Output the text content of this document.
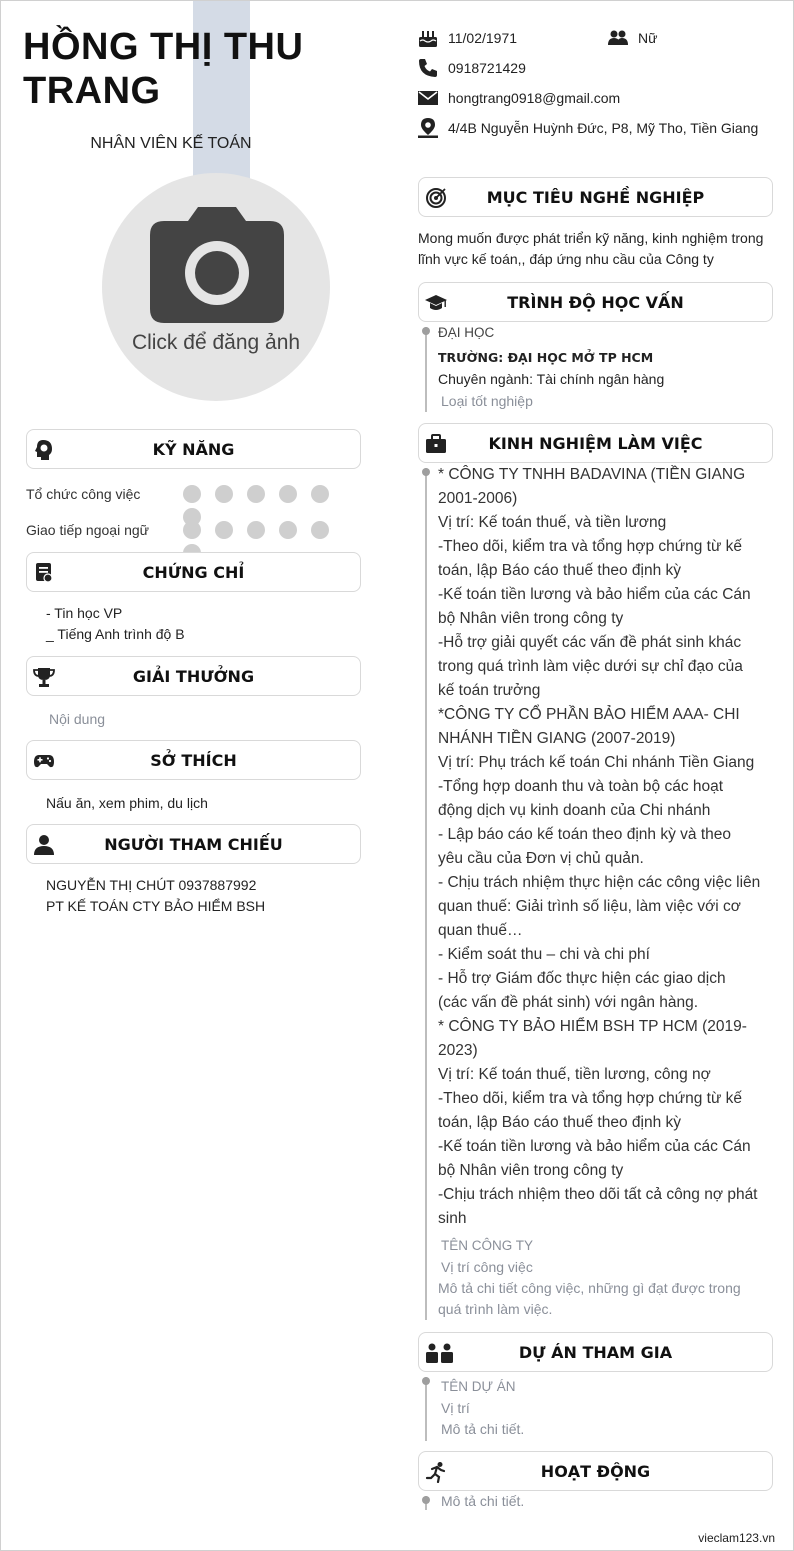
HỒNG THỊ THU
TRANG
NHÂN VIÊN KẾ TOÁN
Click để đăng ảnh
KỸ NĂNG
Tổ chức công việc
Giao tiếp ngoại ngữ
CHỨNG CHỈ
- Tin học VP
_ Tiếng Anh trình độ B
GIẢI THƯỞNG
Nội dung
SỞ THÍCH
Nấu ăn, xem phim, du lịch
NGƯỜI THAM CHIẾU
NGUYỄN THỊ CHÚT 0937887992
PT KẾ TOÁN CTY BẢO HIỂM BSH
11/02/1971	Nữ
0918721429
hongtrang0918@gmail.com
4/4B Nguyễn Huỳnh Đức, P8, Mỹ Tho, Tiền Giang
MỤC TIÊU NGHỀ NGHIỆP
Mong muốn được phát triển kỹ năng, kinh nghiệm trong
lĩnh vực kế toán,, đáp ứng nhu cầu của Công ty
TRÌNH ĐỘ HỌC VẤN
ĐẠI HỌC
TRƯỜNG: ĐẠI HỌC MỞ TP HCM
Chuyên ngành: Tài chính ngân hàng
Loại tốt nghiệp
KINH NGHIỆM LÀM VIỆC
* CÔNG TY TNHH BADAVINA (TIỀN GIANG
2001-2006)
Vị trí: Kế toán thuế, và tiền lương
-Theo dõi, kiểm tra và tổng hợp chứng từ kế
toán, lập Báo cáo thuế theo định kỳ
-Kế toán tiền lương và bảo hiểm của các Cán
bộ Nhân viên trong công ty
-Hỗ trợ giải quyết các vấn đề phát sinh khác
trong quá trình làm việc dưới sự chỉ đạo của
kế toán trưởng
*CÔNG TY CỔ PHẦN BẢO HIỂM AAA- CHI
NHÁNH TIỀN GIANG (2007-2019)
Vị trí: Phụ trách kế toán Chi nhánh Tiền Giang
-Tổng hợp doanh thu và toàn bộ các hoạt
động dịch vụ kinh doanh của Chi nhánh
- Lập báo cáo kế toán theo định kỳ và theo
yêu cầu của Đơn vị chủ quản.
- Chịu trách nhiệm thực hiện các công việc liên
quan thuế: Giải trình số liệu, làm việc với cơ
quan thuế…
- Kiểm soát thu – chi và chi phí
- Hỗ trợ Giám đốc thực hiện các giao dịch
(các vấn đề phát sinh) với ngân hàng.
* CÔNG TY BẢO HIỂM BSH TP HCM (2019-
2023)
Vị trí: Kế toán thuế, tiền lương, công nợ
-Theo dõi, kiểm tra và tổng hợp chứng từ kế
toán, lập Báo cáo thuế theo định kỳ
-Kế toán tiền lương và bảo hiểm của các Cán
bộ Nhân viên trong công ty
-Chịu trách nhiệm theo dõi tất cả công nợ phát
sinh
TÊN CÔNG TY
Vị trí công việc
Mô tả chi tiết công việc, những gì đạt được trong
quá trình làm việc.
DỰ ÁN THAM GIA
TÊN DỰ ÁN
Vị trí
Mô tả chi tiết.
HOẠT ĐỘNG
Mô tả chi tiết.
vieclam123.vn
